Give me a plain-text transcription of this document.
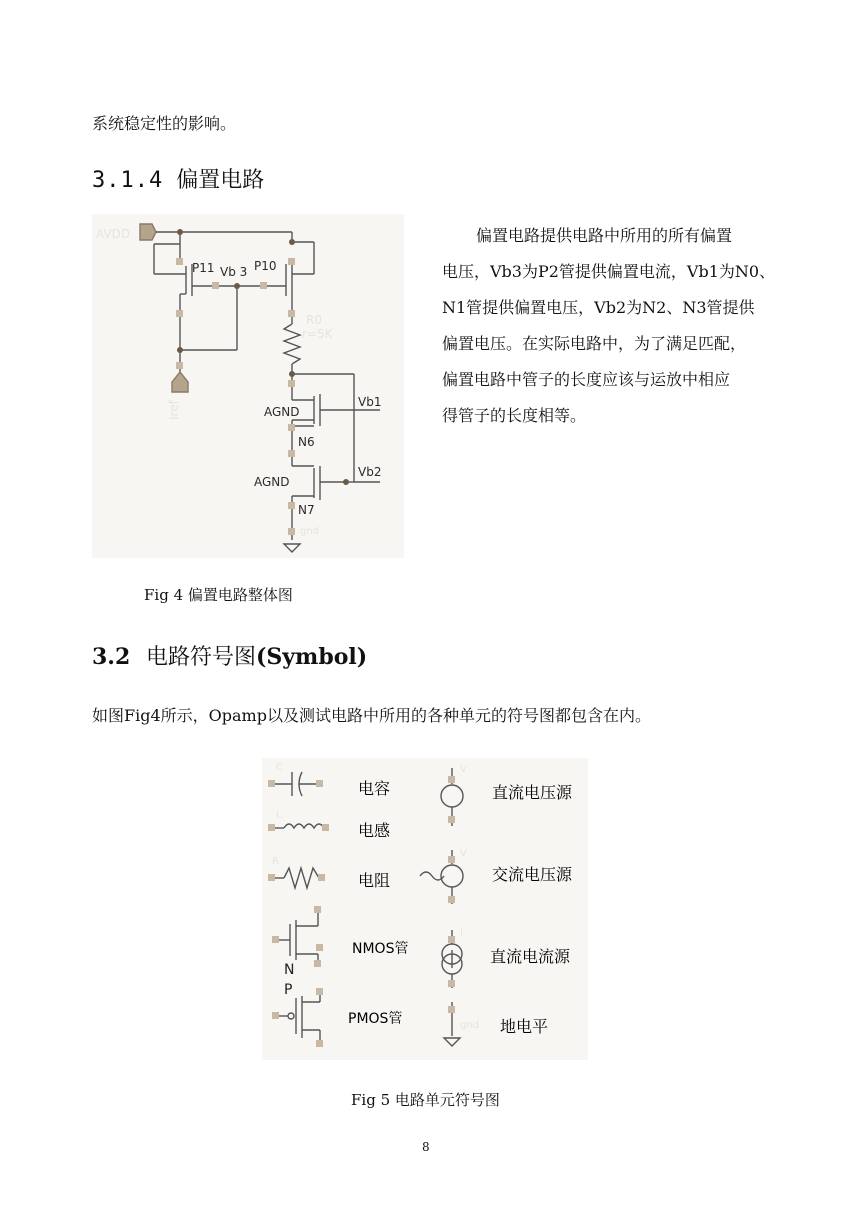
系统稳定性的影响。
3.1.4 偏置电路
AVDD
P11 Vb 3 P10
R0
r=5K
AGND
Vb1
N6
AGND
Vb2
N7
gnd
Iref
偏置电路提供电路中所用的所有偏置
电压，Vb3为P2管提供偏置电流，Vb1为N0、
N1管提供偏置电压，Vb2为N2、N3管提供
偏置电压。在实际电路中，为了满足匹配，
偏置电路中管子的长度应该与运放中相应
得管子的长度相等。
Fig 4 偏置电路整体图
3.2 电路符号图(Symbol)
如图Fig4所示，Opamp以及测试电路中所用的各种单元的符号图都包含在内。
C
L
R
V
V
I
gnd
N
P
电容
电感
电阻
NMOS管
PMOS管
直流电压源
交流电压源
直流电流源
地电平
Fig 5 电路单元符号图
8
